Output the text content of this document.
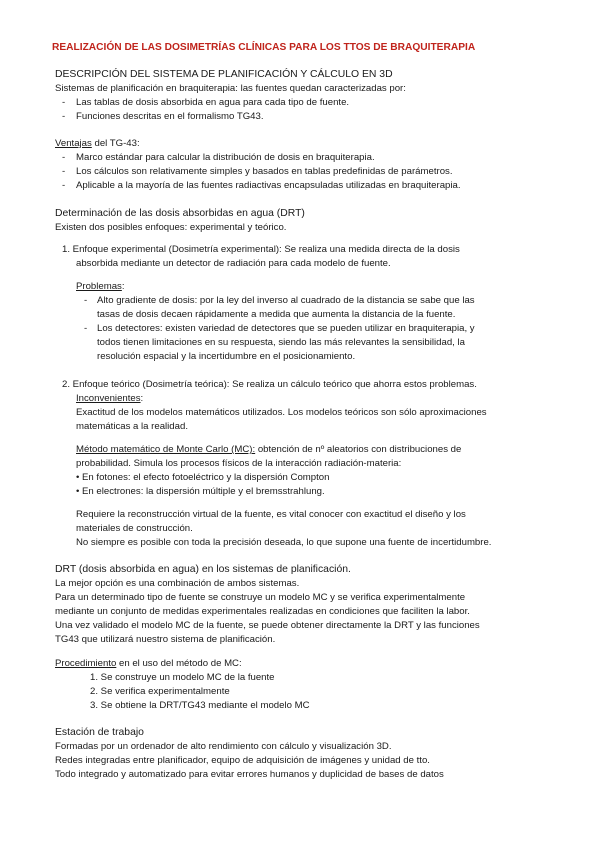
REALIZACIÓN DE LAS DOSIMETRÍAS CLÍNICAS PARA LOS TTOS DE BRAQUITERAPIA
DESCRIPCIÓN DEL SISTEMA DE PLANIFICACIÓN Y CÁLCULO EN 3D
Sistemas de planificación en braquiterapia: las fuentes quedan caracterizadas por:
- Las tablas de dosis absorbida en agua para cada tipo de fuente.
- Funciones descritas en el formalismo TG43.
Ventajas del TG-43:
- Marco estándar para calcular la distribución de dosis en braquiterapia.
- Los cálculos son relativamente simples y basados en tablas predefinidas de parámetros.
- Aplicable a la mayoría de las fuentes radiactivas encapsuladas utilizadas en braquiterapia.
Determinación de las dosis absorbidas en agua (DRT)
Existen dos posibles enfoques: experimental y teórico.
1. Enfoque experimental (Dosimetría experimental): Se realiza una medida directa de la dosis
absorbida mediante un detector de radiación para cada modelo de fuente.
Problemas:
- Alto gradiente de dosis: por la ley del inverso al cuadrado de la distancia se sabe que las
tasas de dosis decaen rápidamente a medida que aumenta la distancia de la fuente.
- Los detectores: existen variedad de detectores que se pueden utilizar en braquiterapia, y
todos tienen limitaciones en su respuesta, siendo las más relevantes la sensibilidad, la
resolución espacial y la incertidumbre en el posicionamiento.
2. Enfoque teórico (Dosimetría teórica): Se realiza un cálculo teórico que ahorra estos problemas.
Inconvenientes:
Exactitud de los modelos matemáticos utilizados. Los modelos teóricos son sólo aproximaciones
matemáticas a la realidad.
Método matemático de Monte Carlo (MC): obtención de nº aleatorios con distribuciones de
probabilidad. Simula los procesos físicos de la interacción radiación-materia:
• En fotones: el efecto fotoeléctrico y la dispersión Compton
• En electrones: la dispersión múltiple y el bremsstrahlung.
Requiere la reconstrucción virtual de la fuente, es vital conocer con exactitud el diseño y los
materiales de construcción.
No siempre es posible con toda la precisión deseada, lo que supone una fuente de incertidumbre.
DRT (dosis absorbida en agua) en los sistemas de planificación.
La mejor opción es una combinación de ambos sistemas.
Para un determinado tipo de fuente se construye un modelo MC y se verifica experimentalmente
mediante un conjunto de medidas experimentales realizadas en condiciones que faciliten la labor.
Una vez validado el modelo MC de la fuente, se puede obtener directamente la DRT y las funciones
TG43 que utilizará nuestro sistema de planificación.
Procedimiento en el uso del método de MC:
1. Se construye un modelo MC de la fuente
2. Se verifica experimentalmente
3. Se obtiene la DRT/TG43 mediante el modelo MC
Estación de trabajo
Formadas por un ordenador de alto rendimiento con cálculo y visualización 3D.
Redes integradas entre planificador, equipo de adquisición de imágenes y unidad de tto.
Todo integrado y automatizado para evitar errores humanos y duplicidad de bases de datos
